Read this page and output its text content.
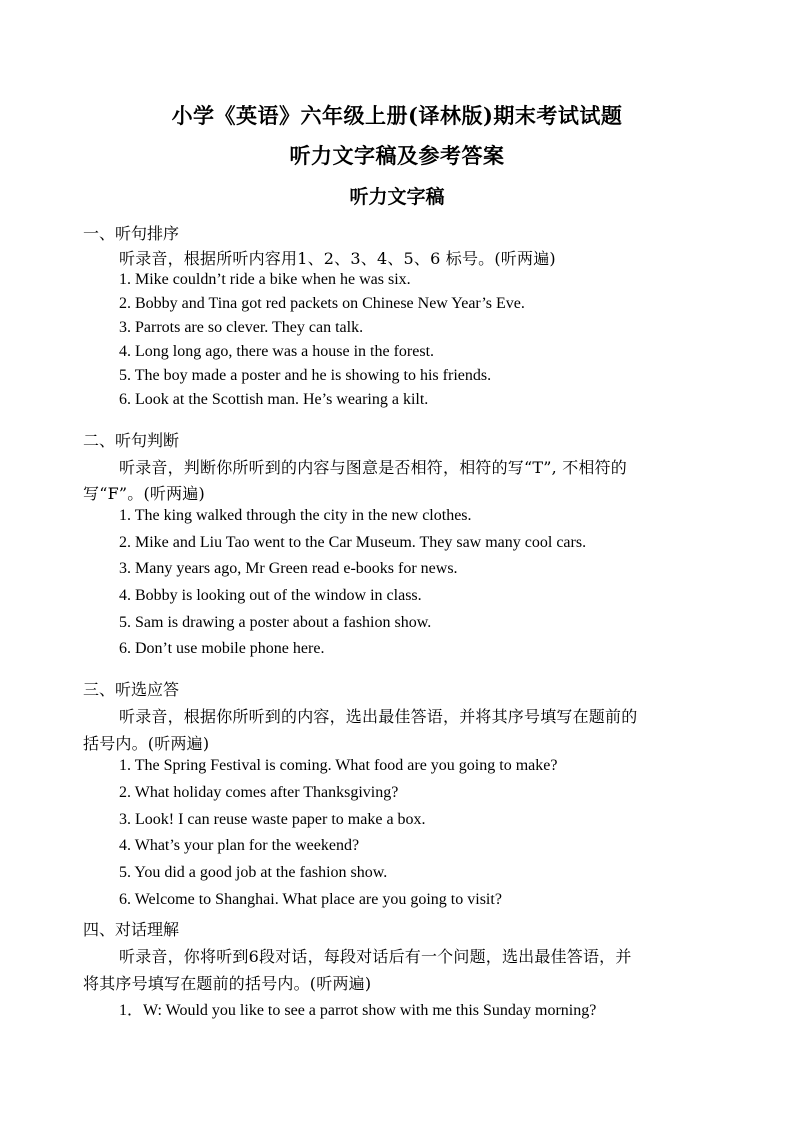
小学《英语》六年级上册(译林版)期末考试试题
听力文字稿及参考答案
听力文字稿
一、听句排序
听录音，根据所听内容用1、2、3、4、5、6 标号。(听两遍)
1. Mike couldn’t ride a bike when he was six.
2. Bobby and Tina got red packets on Chinese New Year’s Eve.
3. Parrots are so clever. They can talk.
4. Long long ago, there was a house in the forest.
5. The boy made a poster and he is showing to his friends.
6. Look at the Scottish man. He’s wearing a kilt.
二、听句判断
听录音，判断你所听到的内容与图意是否相符，相符的写“T”, 不相符的
写“F”。(听两遍)
1. The king walked through the city in the new clothes.
2. Mike and Liu Tao went to the Car Museum. They saw many cool cars.
3. Many years ago, Mr Green read e-books for news.
4. Bobby is looking out of the window in class.
5. Sam is drawing a poster about a fashion show.
6. Don’t use mobile phone here.
三、听选应答
听录音，根据你所听到的内容，选出最佳答语，并将其序号填写在题前的
括号内。(听两遍)
1. The Spring Festival is coming. What food are you going to make?
2. What holiday comes after Thanksgiving?
3. Look! I can reuse waste paper to make a box.
4. What’s your plan for the weekend?
5. You did a good job at the fashion show.
6. Welcome to Shanghai. What place are you going to visit?
四、对话理解
听录音，你将听到6段对话，每段对话后有一个问题，选出最佳答语，并
将其序号填写在题前的括号内。(听两遍)
1．W: Would you like to see a parrot show with me this Sunday morning?
